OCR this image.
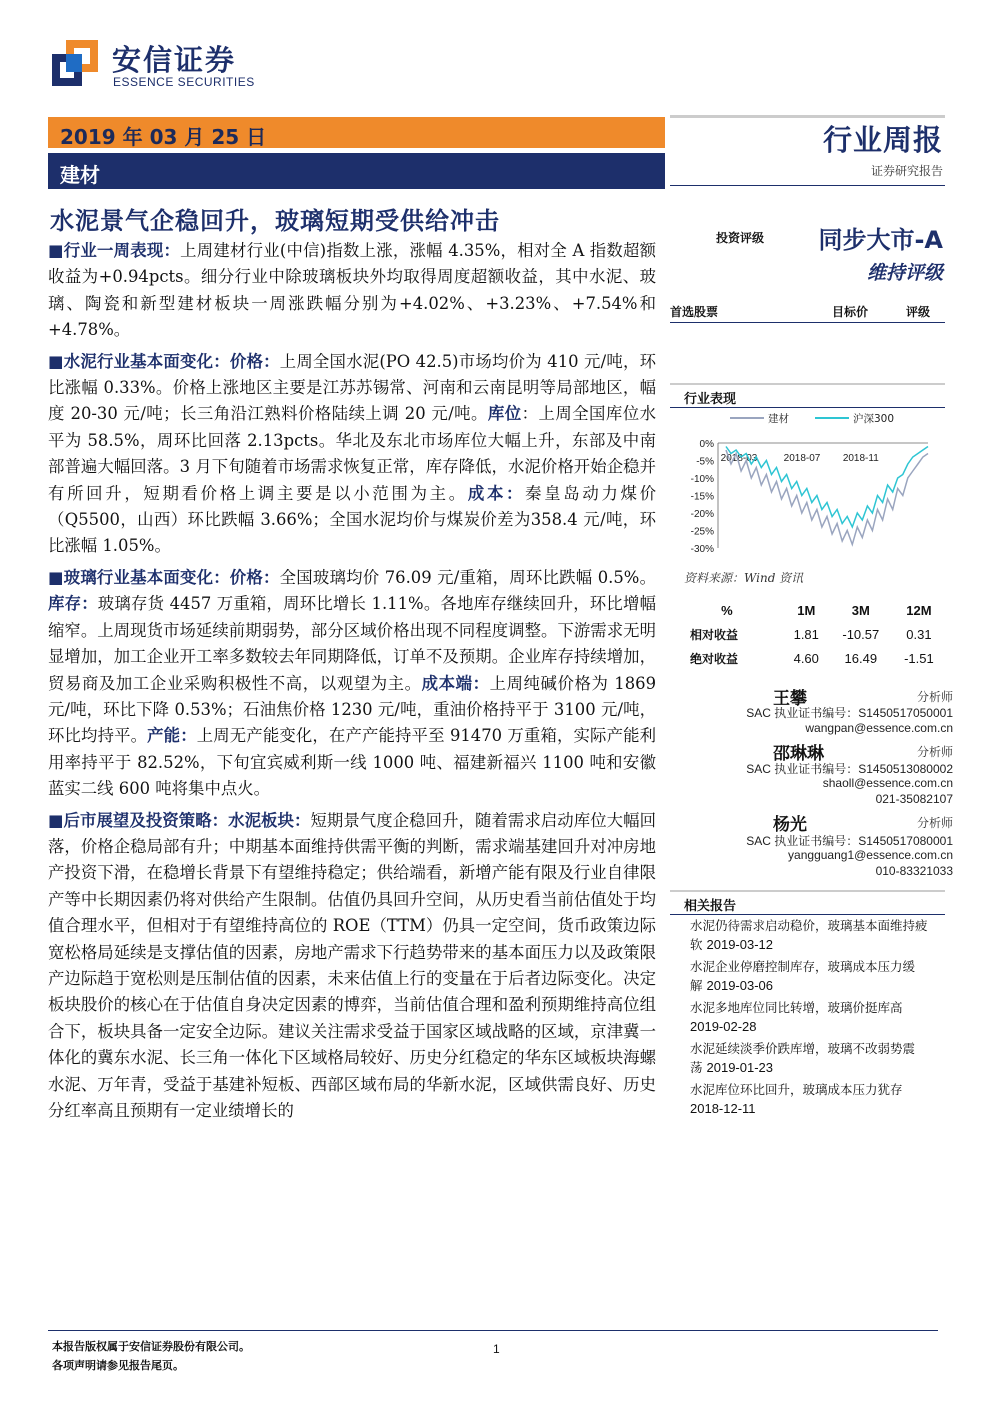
安信证券
ESSENCE SECURITIES
2019 年 03 月 25 日
建材
行业周报
证券研究报告
水泥景气企稳回升，玻璃短期受供给冲击

■行业一周表现：上周建材行业(中信)指数上涨，涨幅 4.35%，相对全 A 指数超额收益为+0.94pcts。细分行业中除玻璃板块外均取得周度超额收益，其中水泥、玻璃、陶瓷和新型建材板块一周涨跌幅分别为+4.02%、+3.23%、+7.54%和+4.78%。

■水泥行业基本面变化：价格：上周全国水泥(PO 42.5)市场均价为 410 元/吨，环比涨幅 0.33%。价格上涨地区主要是江苏苏锡常、河南和云南昆明等局部地区，幅度 20-30 元/吨；长三角沿江熟料价格陆续上调 20 元/吨。库位：上周全国库位水平为 58.5%，周环比回落 2.13pcts。华北及东北市场库位大幅上升，东部及中南部普遍大幅回落。3 月下旬随着市场需求恢复正常，库存降低，水泥价格开始企稳并有所回升，短期看价格上调主要是以小范围为主。成本：秦皇岛动力煤价（Q5500，山西）环比跌幅 3.66%；全国水泥均价与煤炭价差为358.4 元/吨，环比涨幅 1.05%。

■玻璃行业基本面变化：价格：全国玻璃均价 76.09 元/重箱，周环比跌幅 0.5%。库存：玻璃存货 4457 万重箱，周环比增长 1.11%。各地库存继续回升，环比增幅缩窄。上周现货市场延续前期弱势，部分区域价格出现不同程度调整。下游需求无明显增加，加工企业开工率多数较去年同期降低，订单不及预期。企业库存持续增加，贸易商及加工企业采购积极性不高，以观望为主。成本端：上周纯碱价格为 1869 元/吨，环比下降 0.53%；石油焦价格 1230 元/吨，重油价格持平于 3100 元/吨，环比均持平。产能：上周无产能变化，在产产能持平至 91470 万重箱，实际产能利用率持平于 82.52%，下旬宜宾威利斯一线 1000 吨、福建新福兴 1100 吨和安徽蓝实二线 600 吨将集中点火。

■后市展望及投资策略：水泥板块：短期景气度企稳回升，随着需求启动库位大幅回落，价格企稳局部有升；中期基本面维持供需平衡的判断，需求端基建回升对冲房地产投资下滑，在稳增长背景下有望维持稳定；供给端看，新增产能有限及行业自律限产等中长期因素仍将对供给产生限制。估值仍具回升空间，从历史看当前估值处于均值合理水平，但相对于有望维持高位的 ROE（TTM）仍具一定空间，货币政策边际宽松格局延续是支撑估值的因素，房地产需求下行趋势带来的基本面压力以及政策限产边际趋于宽松则是压制估值的因素，未来估值上行的变量在于后者边际变化。决定板块股价的核心在于估值自身决定因素的博弈，当前估值合理和盈利预期维持高位组合下，板块具备一定安全边际。建议关注需求受益于国家区域战略的区域，京津冀一体化的冀东水泥、长三角一体化下区域格局较好、历史分红稳定的华东区域板块海螺水泥、万年青，受益于基建补短板、西部区域布局的华新水泥，区域供需良好、历史分红率高且预期有一定业绩增长的

投资评级 同步大市-A
维持评级
首选股票	目标价	评级
行业表现
0%
-5%
-10%
-15%
-20%
-25%
-30%
2018-03	2018-07 2018-11
建材	沪深300
资料来源：Wind 资讯
%	1M	3M	12M
相对收益	1.81	-10.57	0.31
绝对收益	4.60	16.49	-1.51
王攀	分析师
SAC 执业证书编号：S1450517050001
wangpan@essence.com.cn
邵琳琳	分析师
SAC 执业证书编号：S1450513080002
shaoll@essence.com.cn
021-35082107
杨光	分析师
SAC 执业证书编号：S1450517080001
yangguang1@essence.com.cn
010-83321033
相关报告
水泥仍待需求启动稳价，玻璃基本面维持疲软 2019-03-12
水泥企业停磨控制库存，玻璃成本压力缓解 2019-03-06
水泥多地库位同比转增，玻璃价挺库高
2019-02-28
水泥延续淡季价跌库增，玻璃不改弱势震荡 2019-01-23
水泥库位环比回升，玻璃成本压力犹存
2018-12-11
本报告版权属于安信证券股份有限公司。
各项声明请参见报告尾页。
1
